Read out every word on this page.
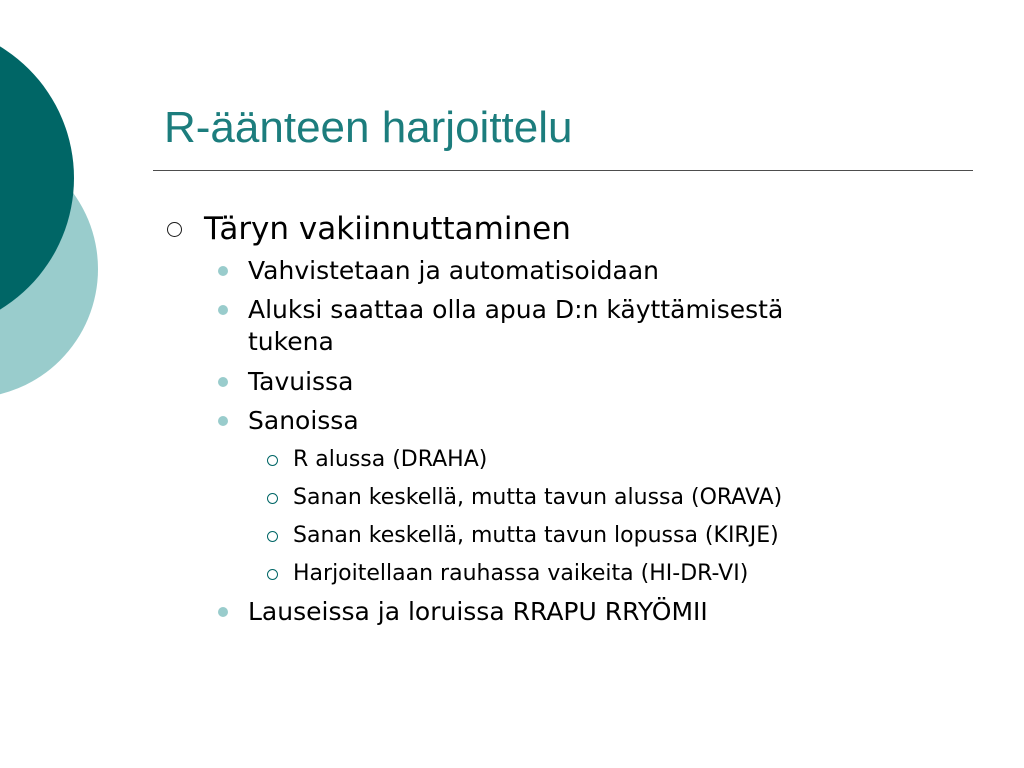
R-äänteen harjoittelu
Täryn vakiinnuttaminen
Vahvistetaan ja automatisoidaan
Aluksi saattaa olla apua D:n käyttämisestä
tukena
Tavuissa
Sanoissa
R alussa (DRAHA)
Sanan keskellä, mutta tavun alussa (ORAVA)
Sanan keskellä, mutta tavun lopussa (KIRJE)
Harjoitellaan rauhassa vaikeita (HI-DR-VI)
Lauseissa ja loruissa RRAPU RRYÖMII
